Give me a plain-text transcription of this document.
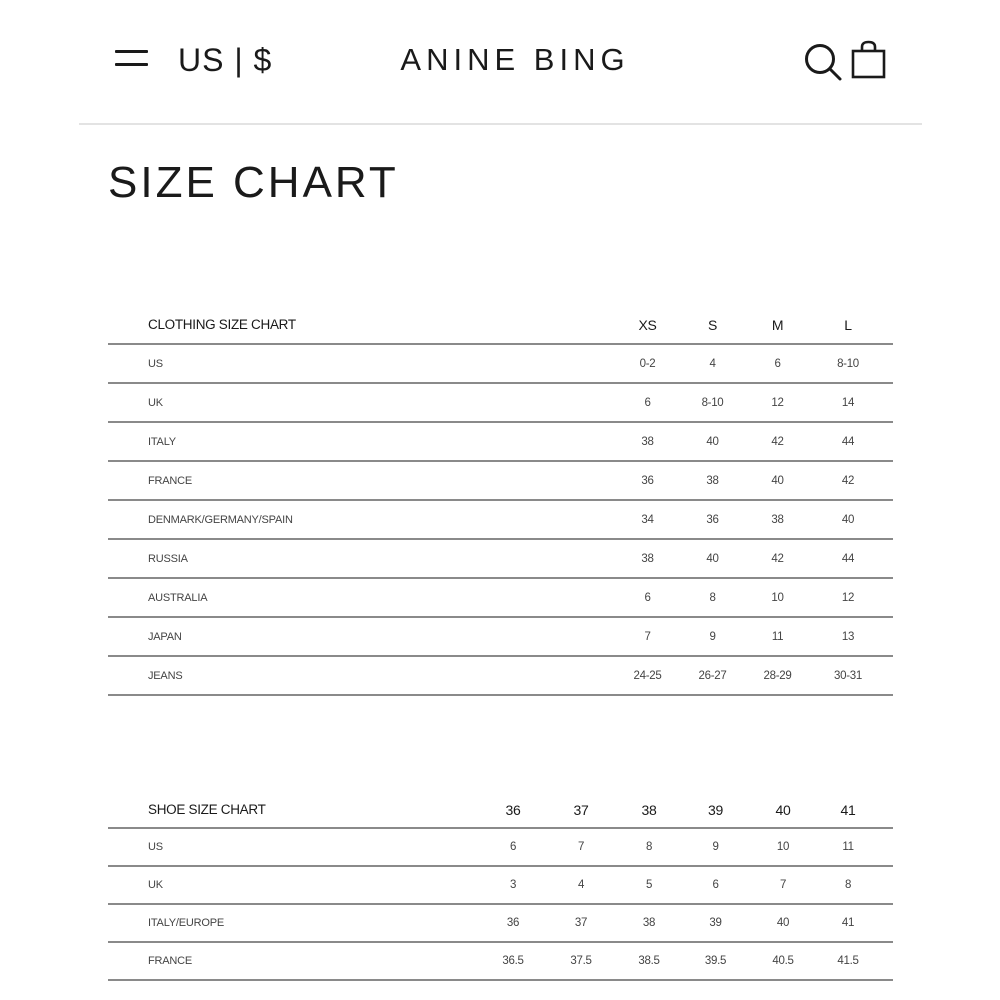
US | $	ANINE BING
SIZE CHART
CLOTHING SIZE CHART	XS	S	M	L
US	0-2	4	6	8-10
UK	6	8-10	12	14
ITALY	38	40	42	44
FRANCE	36	38	40	42
DENMARK/GERMANY/SPAIN	34	36	38	40
RUSSIA	38	40	42	44
AUSTRALIA	6	8	10	12
JAPAN	7	9	11	13
JEANS	24-25	26-27	28-29	30-31
SHOE SIZE CHART	36	37	38	39	40	41
US	6	7	8	9	10	11
UK	3	4	5	6	7	8
ITALY/EUROPE	36	37	38	39	40	41
FRANCE	36.5	37.5	38.5	39.5	40.5	41.5
